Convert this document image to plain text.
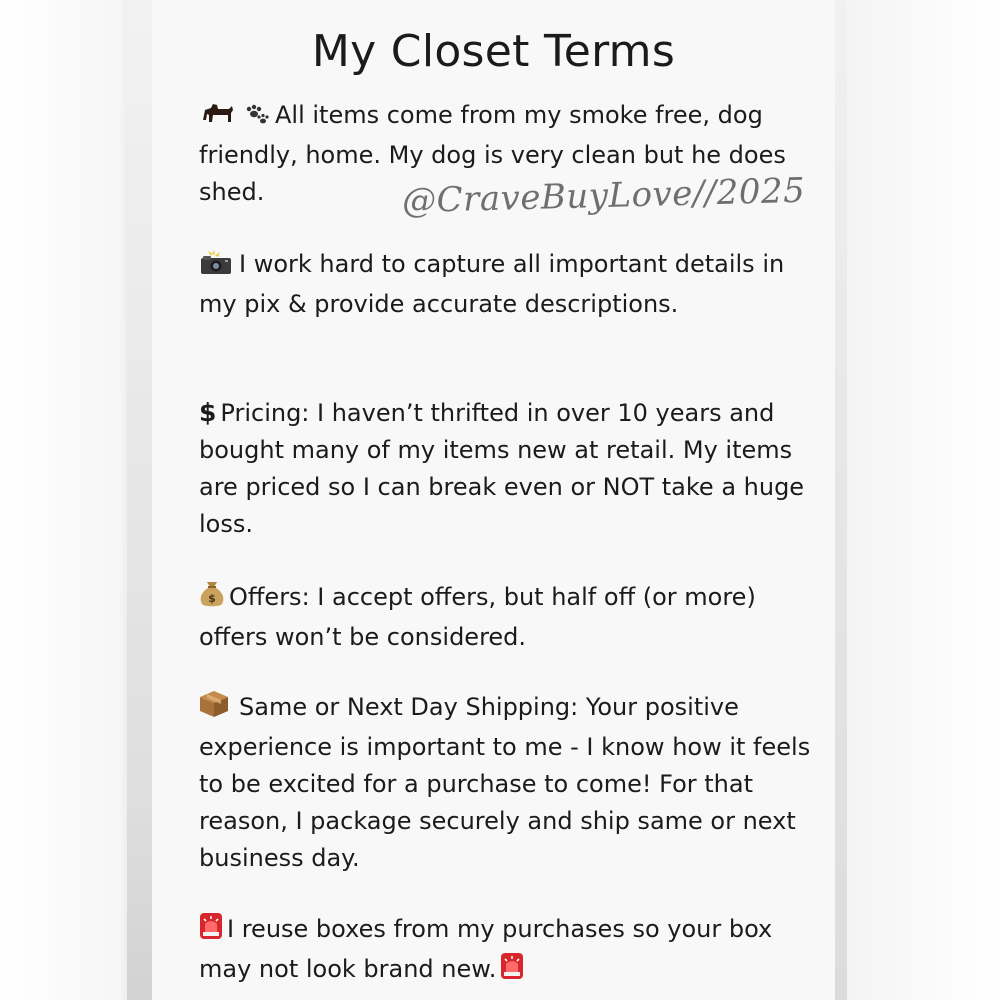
My Closet Terms

All items come from my smoke free, dog friendly, home. My dog is very clean but he does shed.	@CraveBuyLove//2025

I work hard to capture all important details in my pix & provide accurate descriptions.

$ Pricing: I haven’t thrifted in over 10 years and bought many of my items new at retail. My items are priced so I can break even or NOT take a huge loss.

$ Offers: I accept offers, but half off (or more) offers won’t be considered.

Same or Next Day Shipping: Your positive experience is important to me - I know how it feels to be excited for a purchase to come! For that reason, I package securely and ship same or next business day.

I reuse boxes from my purchases so your box may not look brand new.
